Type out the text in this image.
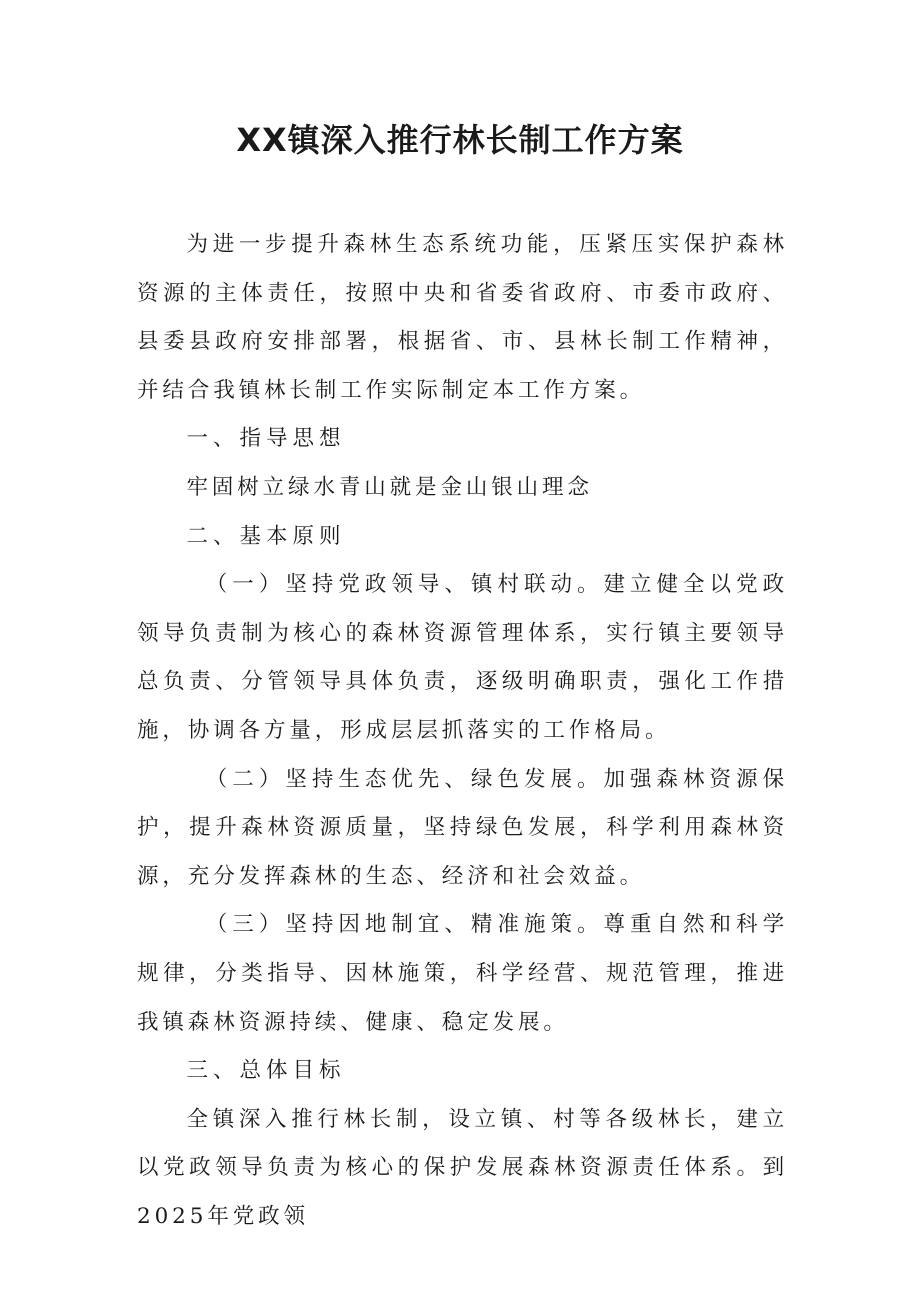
XX镇深入推行林长制工作方案

为进一步提升森林生态系统功能，压紧压实保护森林资源的主体责任，按照中央和省委省政府、市委市政府、县委县政府安排部署，根据省、市、县林长制工作精神，并结合我镇林长制工作实际制定本工作方案。

一、指导思想

牢固树立绿水青山就是金山银山理念

二、基本原则

（一）坚持党政领导、镇村联动。建立健全以党政领导负责制为核心的森林资源管理体系，实行镇主要领导总负责、分管领导具体负责，逐级明确职责，强化工作措施，协调各方量，形成层层抓落实的工作格局。

（二）坚持生态优先、绿色发展。加强森林资源保护，提升森林资源质量，坚持绿色发展，科学利用森林资源，充分发挥森林的生态、经济和社会效益。

（三）坚持因地制宜、精准施策。尊重自然和科学规律，分类指导、因林施策，科学经营、规范管理，推进我镇森林资源持续、健康、稳定发展。

三、总体目标

全镇深入推行林长制，设立镇、村等各级林长，建立以党政领导负责为核心的保护发展森林资源责任体系。到2025年党政领
